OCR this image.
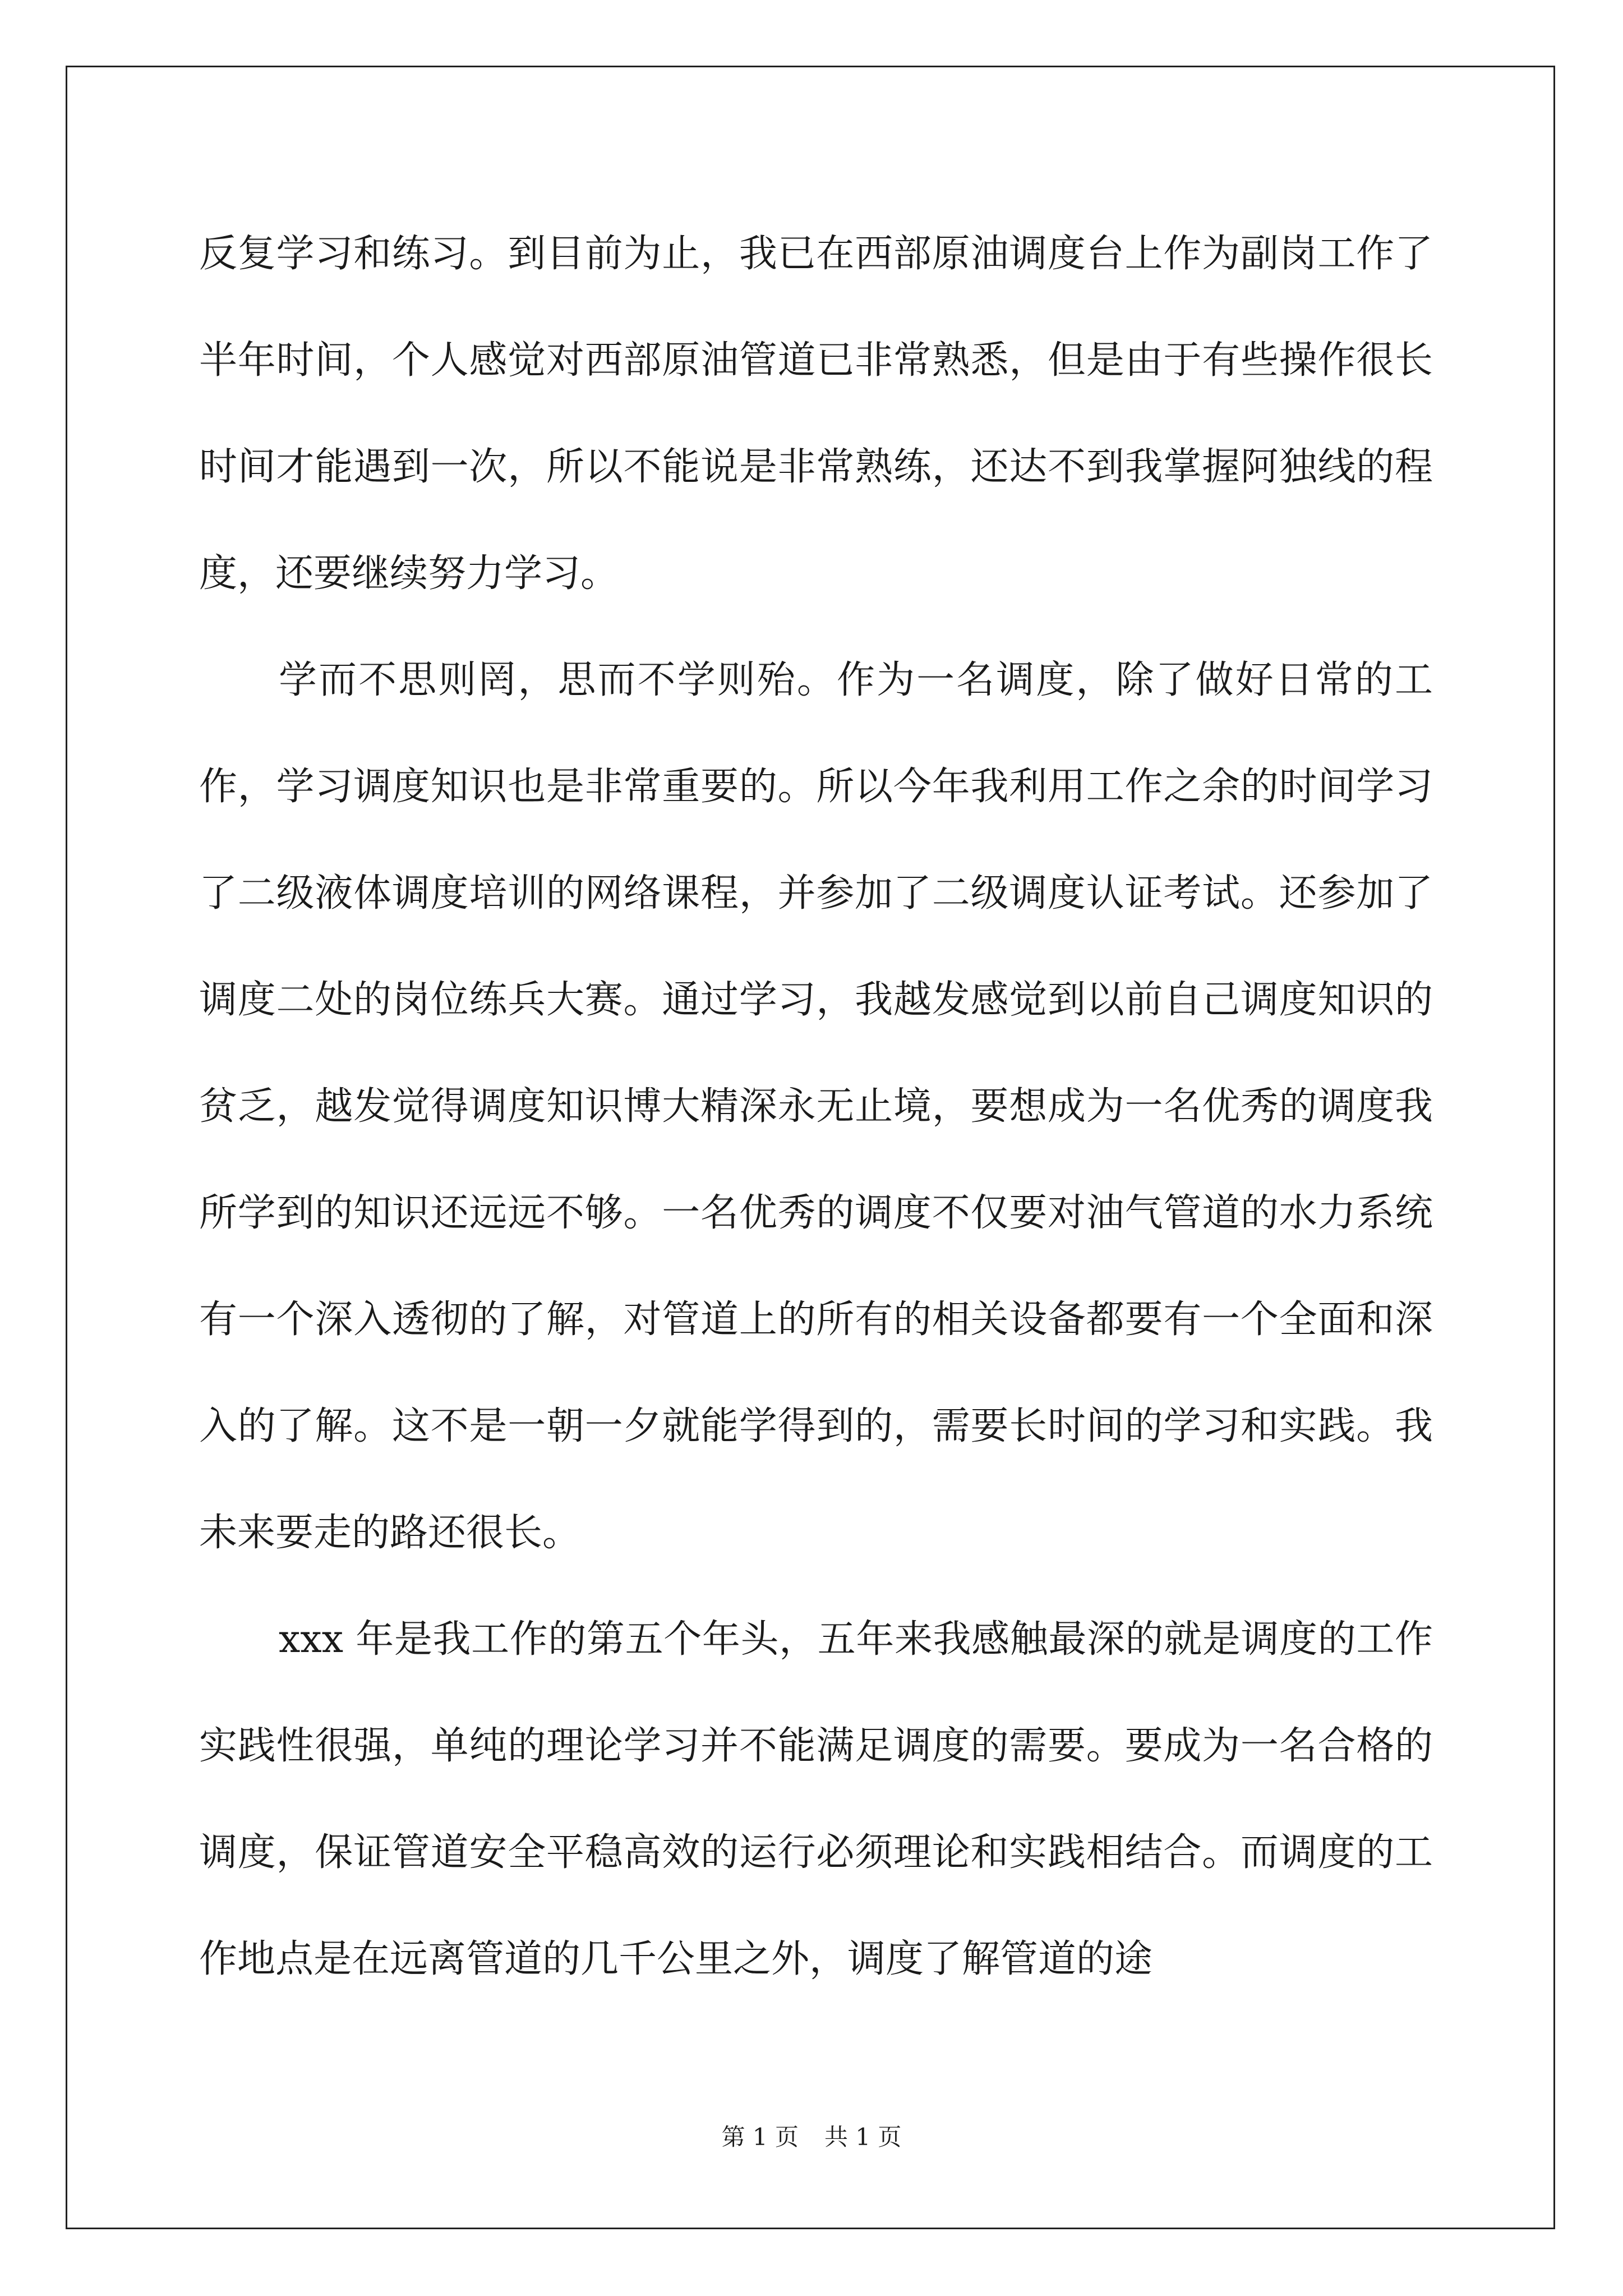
反复学习和练习。到目前为止，我已在西部原油调度台上作为副岗工作了半年时间，个人感觉对西部原油管道已非常熟悉，但是由于有些操作很长时间才能遇到一次，所以不能说是非常熟练，还达不到我掌握阿独线的程度，还要继续努力学习。

学而不思则罔，思而不学则殆。作为一名调度，除了做好日常的工作，学习调度知识也是非常重要的。所以今年我利用工作之余的时间学习了二级液体调度培训的网络课程，并参加了二级调度认证考试。还参加了调度二处的岗位练兵大赛。通过学习，我越发感觉到以前自己调度知识的贫乏，越发觉得调度知识博大精深永无止境，要想成为一名优秀的调度我所学到的知识还远远不够。一名优秀的调度不仅要对油气管道的水力系统有一个深入透彻的了解，对管道上的所有的相关设备都要有一个全面和深入的了解。这不是一朝一夕就能学得到的，需要长时间的学习和实践。我未来要走的路还很长。

xxx 年是我工作的第五个年头，五年来我感触最深的就是调度的工作实践性很强，单纯的理论学习并不能满足调度的需要。要成为一名合格的调度，保证管道安全平稳高效的运行必须理论和实践相结合。而调度的工作地点是在远离管道的几千公里之外，调度了解管道的途

第 1 页 共 1 页
